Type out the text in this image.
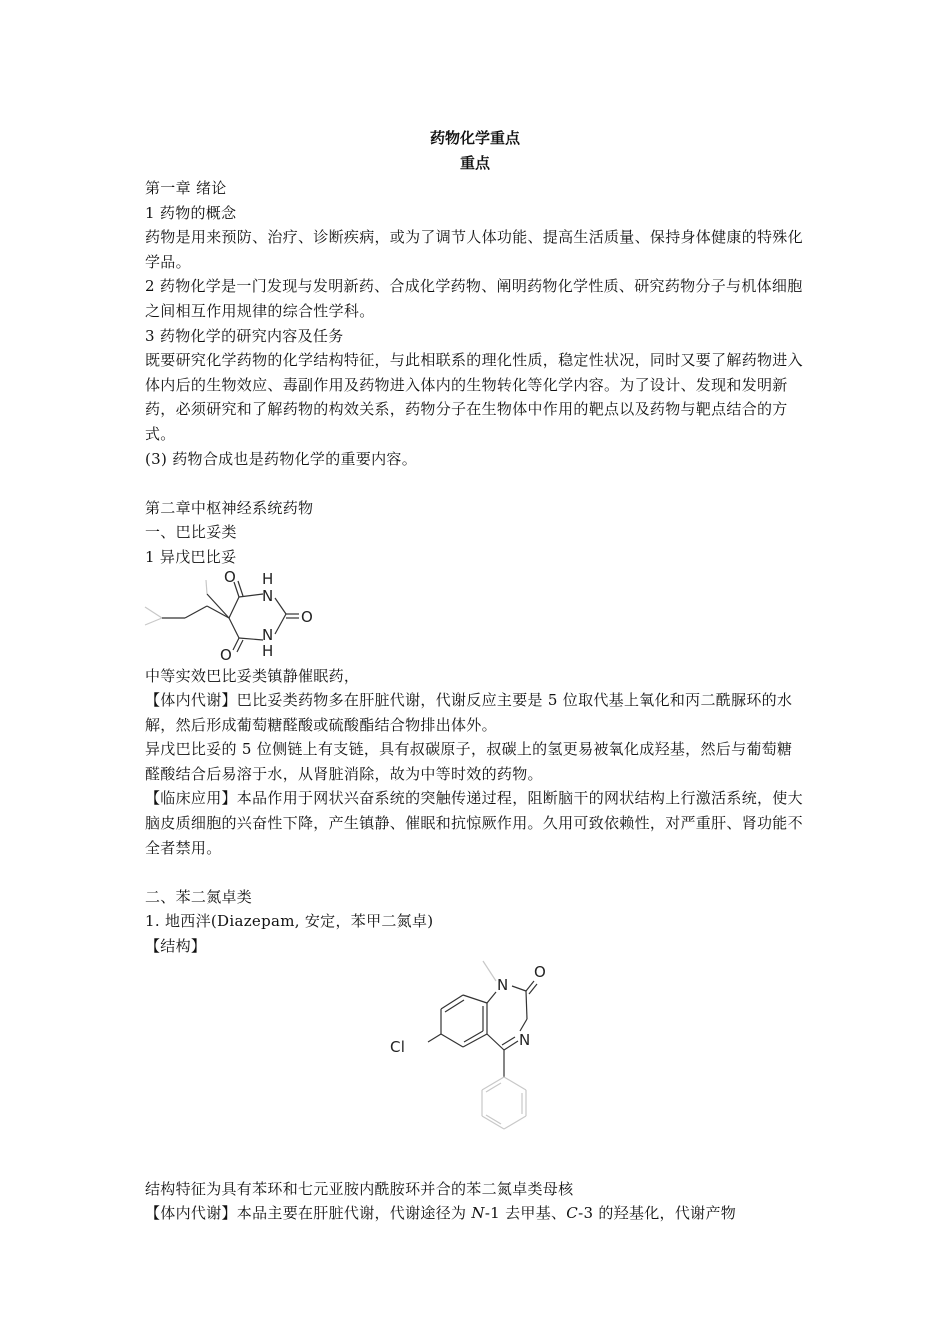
药物化学重点
重点

第一章 绪论

1 药物的概念

药物是用来预防、治疗、诊断疾病，或为了调节人体功能、提高生活质量、保持身体健康的特殊化学品。

2 药物化学是一门发现与发明新药、合成化学药物、阐明药物化学性质、研究药物分子与机体细胞之间相互作用规律的综合性学科。

3 药物化学的研究内容及任务

既要研究化学药物的化学结构特征，与此相联系的理化性质，稳定性状况，同时又要了解药物进入体内后的生物效应、毒副作用及药物进入体内的生物转化等化学内容。为了设计、发现和发明新药，必须研究和了解药物的构效关系，药物分子在生物体中作用的靶点以及药物与靶点结合的方式。

(3) 药物合成也是药物化学的重要内容。

第二章中枢神经系统药物

一、巴比妥类

1 异戊巴比妥

O H
N
O
N
H
O

中等实效巴比妥类镇静催眠药，

【体内代谢】巴比妥类药物多在肝脏代谢，代谢反应主要是 5 位取代基上氧化和丙二酰脲环的水解，然后形成葡萄糖醛酸或硫酸酯结合物排出体外。

异戊巴比妥的 5 位侧链上有支链，具有叔碳原子，叔碳上的氢更易被氧化成羟基，然后与葡萄糖醛酸结合后易溶于水，从肾脏消除，故为中等时效的药物。

【临床应用】本品作用于网状兴奋系统的突触传递过程，阻断脑干的网状结构上行激活系统，使大脑皮质细胞的兴奋性下降，产生镇静、催眠和抗惊厥作用。久用可致依赖性，对严重肝、肾功能不全者禁用。

二、苯二氮卓类

1. 地西泮(Diazepam, 安定，苯甲二氮卓)

【结构】

N
O
N
Cl

结构特征为具有苯环和七元亚胺内酰胺环并合的苯二氮卓类母核

【体内代谢】本品主要在肝脏代谢，代谢途径为 N-1 去甲基、C-3 的羟基化，代谢产物
